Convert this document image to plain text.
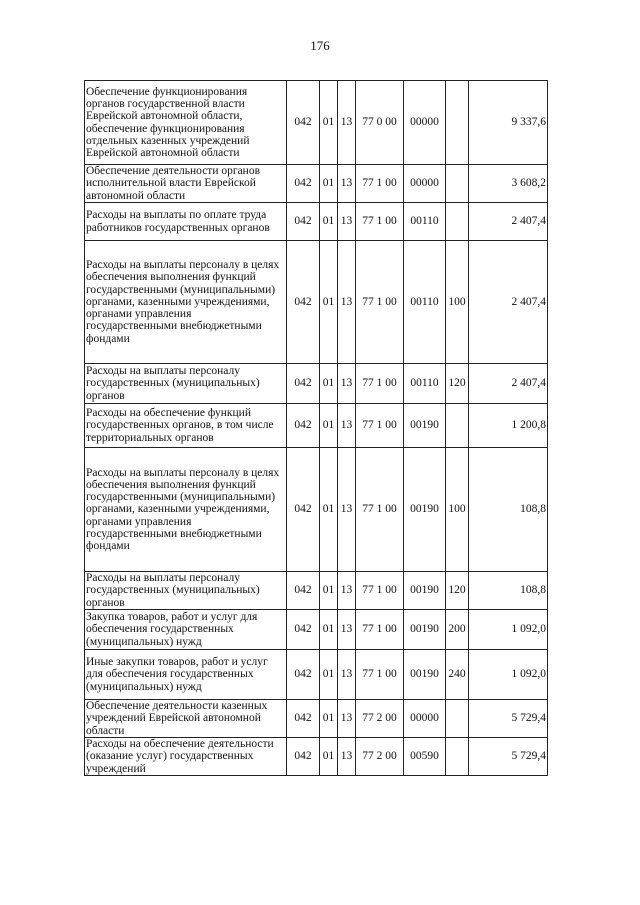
176
Обеспечение функционирования органов государственной власти Еврейской автономной области, обеспечение функционирования отдельных казенных учреждений Еврейской автономной области	042	01	13	77 0 00	00000		9 337,6
Обеспечение деятельности органов исполнительной власти Еврейской автономной области	042	01	13	77 1 00	00000		3 608,2
Расходы на выплаты по оплате труда работников государственных органов	042	01	13	77 1 00	00110		2 407,4
Расходы на выплаты персоналу в целях обеспечения выполнения функций государственными (муниципальными) органами, казенными учреждениями, органами управления государственными внебюджетными фондами	042	01	13	77 1 00	00110	100	2 407,4
Расходы на выплаты персоналу государственных (муниципальных) органов	042	01	13	77 1 00	00110	120	2 407,4
Расходы на обеспечение функций государственных органов, в том числе территориальных органов	042	01	13	77 1 00	00190		1 200,8
Расходы на выплаты персоналу в целях обеспечения выполнения функций государственными (муниципальными) органами, казенными учреждениями, органами управления государственными внебюджетными фондами	042	01	13	77 1 00	00190	100	108,8
Расходы на выплаты персоналу государственных (муниципальных) органов	042	01	13	77 1 00	00190	120	108,8
Закупка товаров, работ и услуг для обеспечения государственных (муниципальных) нужд	042	01	13	77 1 00	00190	200	1 092,0
Иные закупки товаров, работ и услуг для обеспечения государственных (муниципальных) нужд	042	01	13	77 1 00	00190	240	1 092,0
Обеспечение деятельности казенных учреждений Еврейской автономной области	042	01	13	77 2 00	00000		5 729,4
Расходы на обеспечение деятельности (оказание услуг) государственных учреждений	042	01	13	77 2 00	00590		5 729,4
